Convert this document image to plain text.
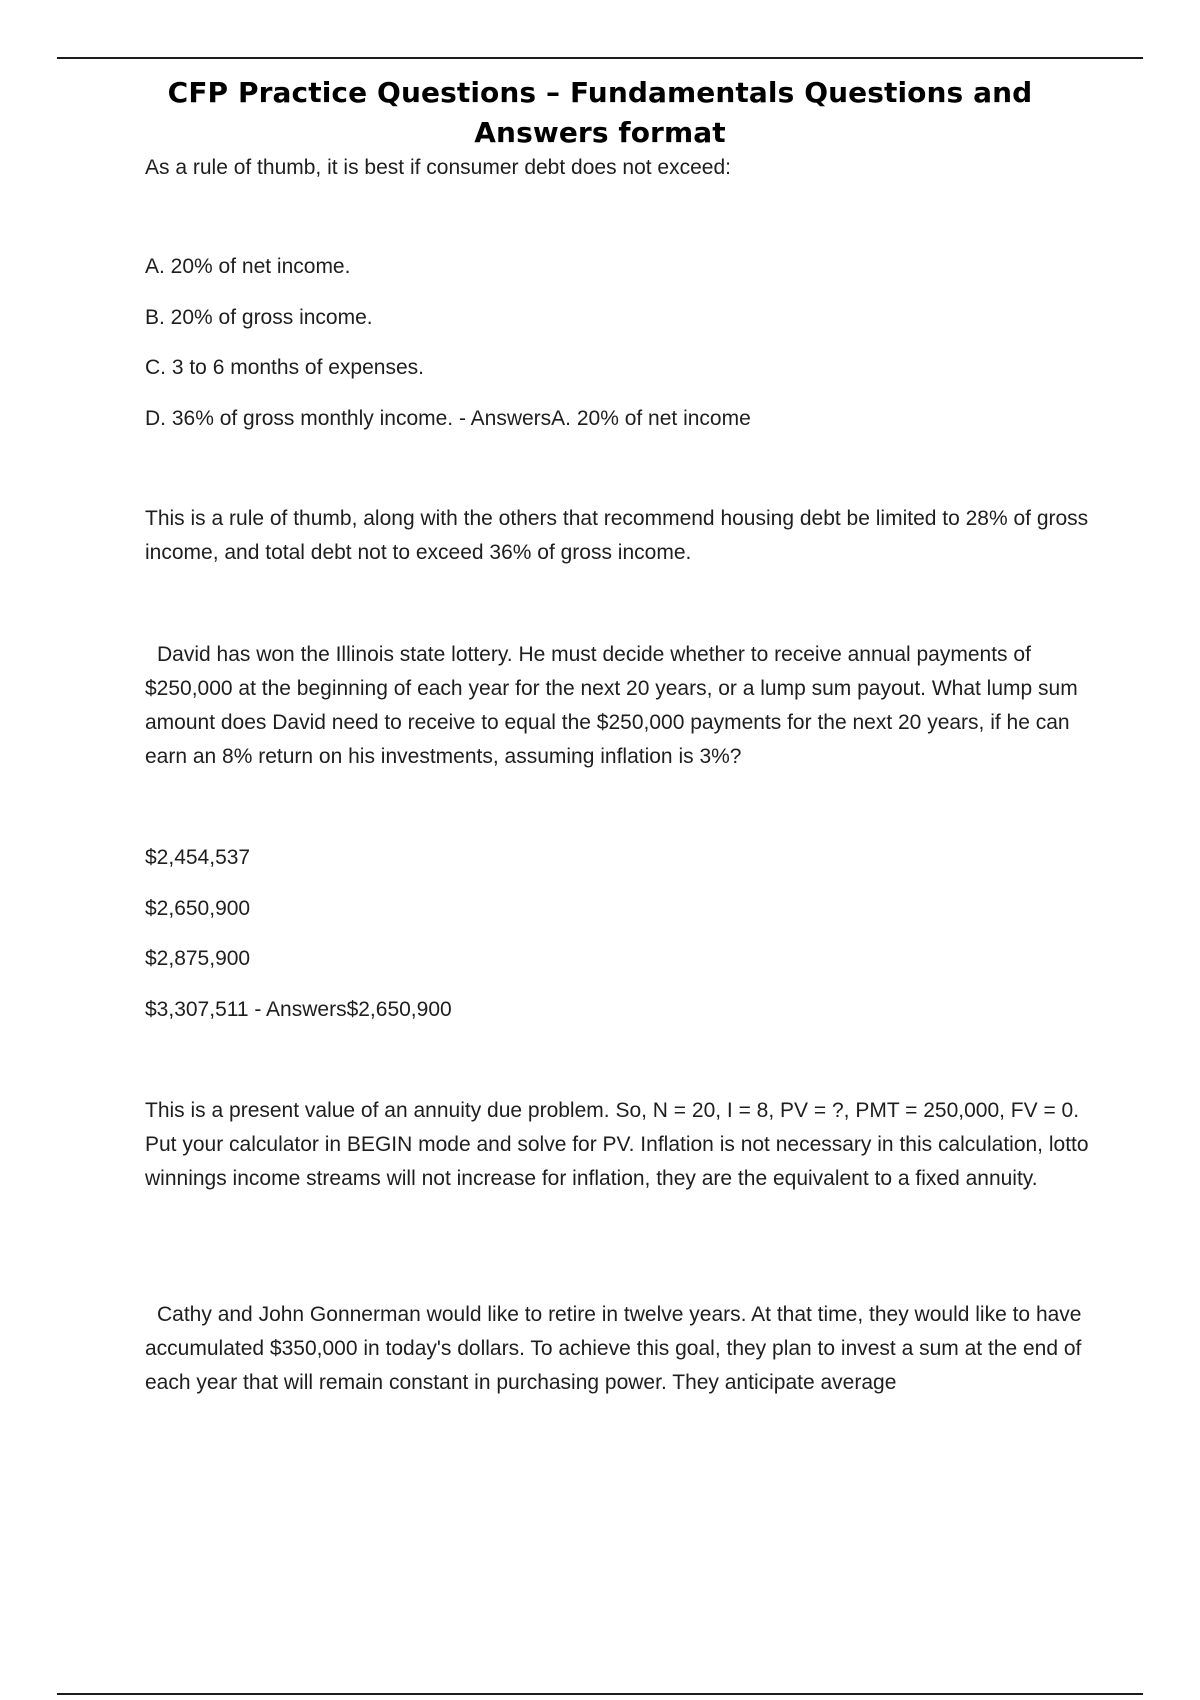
CFP Practice Questions – Fundamentals Questions and Answers format

As a rule of thumb, it is best if consumer debt does not exceed:

A. 20% of net income.

B. 20% of gross income.

C. 3 to 6 months of expenses.

D. 36% of gross monthly income. - AnswersA. 20% of net income

This is a rule of thumb, along with the others that recommend housing debt be limited to 28% of gross income, and total debt not to exceed 36% of gross income.

David has won the Illinois state lottery. He must decide whether to receive annual payments of $250,000 at the beginning of each year for the next 20 years, or a lump sum payout. What lump sum amount does David need to receive to equal the $250,000 payments for the next 20 years, if he can earn an 8% return on his investments, assuming inflation is 3%?

$2,454,537

$2,650,900

$2,875,900

$3,307,511 - Answers$2,650,900

This is a present value of an annuity due problem. So, N = 20, I = 8, PV = ?, PMT = 250,000, FV = 0. Put your calculator in BEGIN mode and solve for PV. Inflation is not necessary in this calculation, lotto winnings income streams will not increase for inflation, they are the equivalent to a fixed annuity.

Cathy and John Gonnerman would like to retire in twelve years. At that time, they would like to have accumulated $350,000 in today's dollars. To achieve this goal, they plan to invest a sum at the end of each year that will remain constant in purchasing power. They anticipate average
